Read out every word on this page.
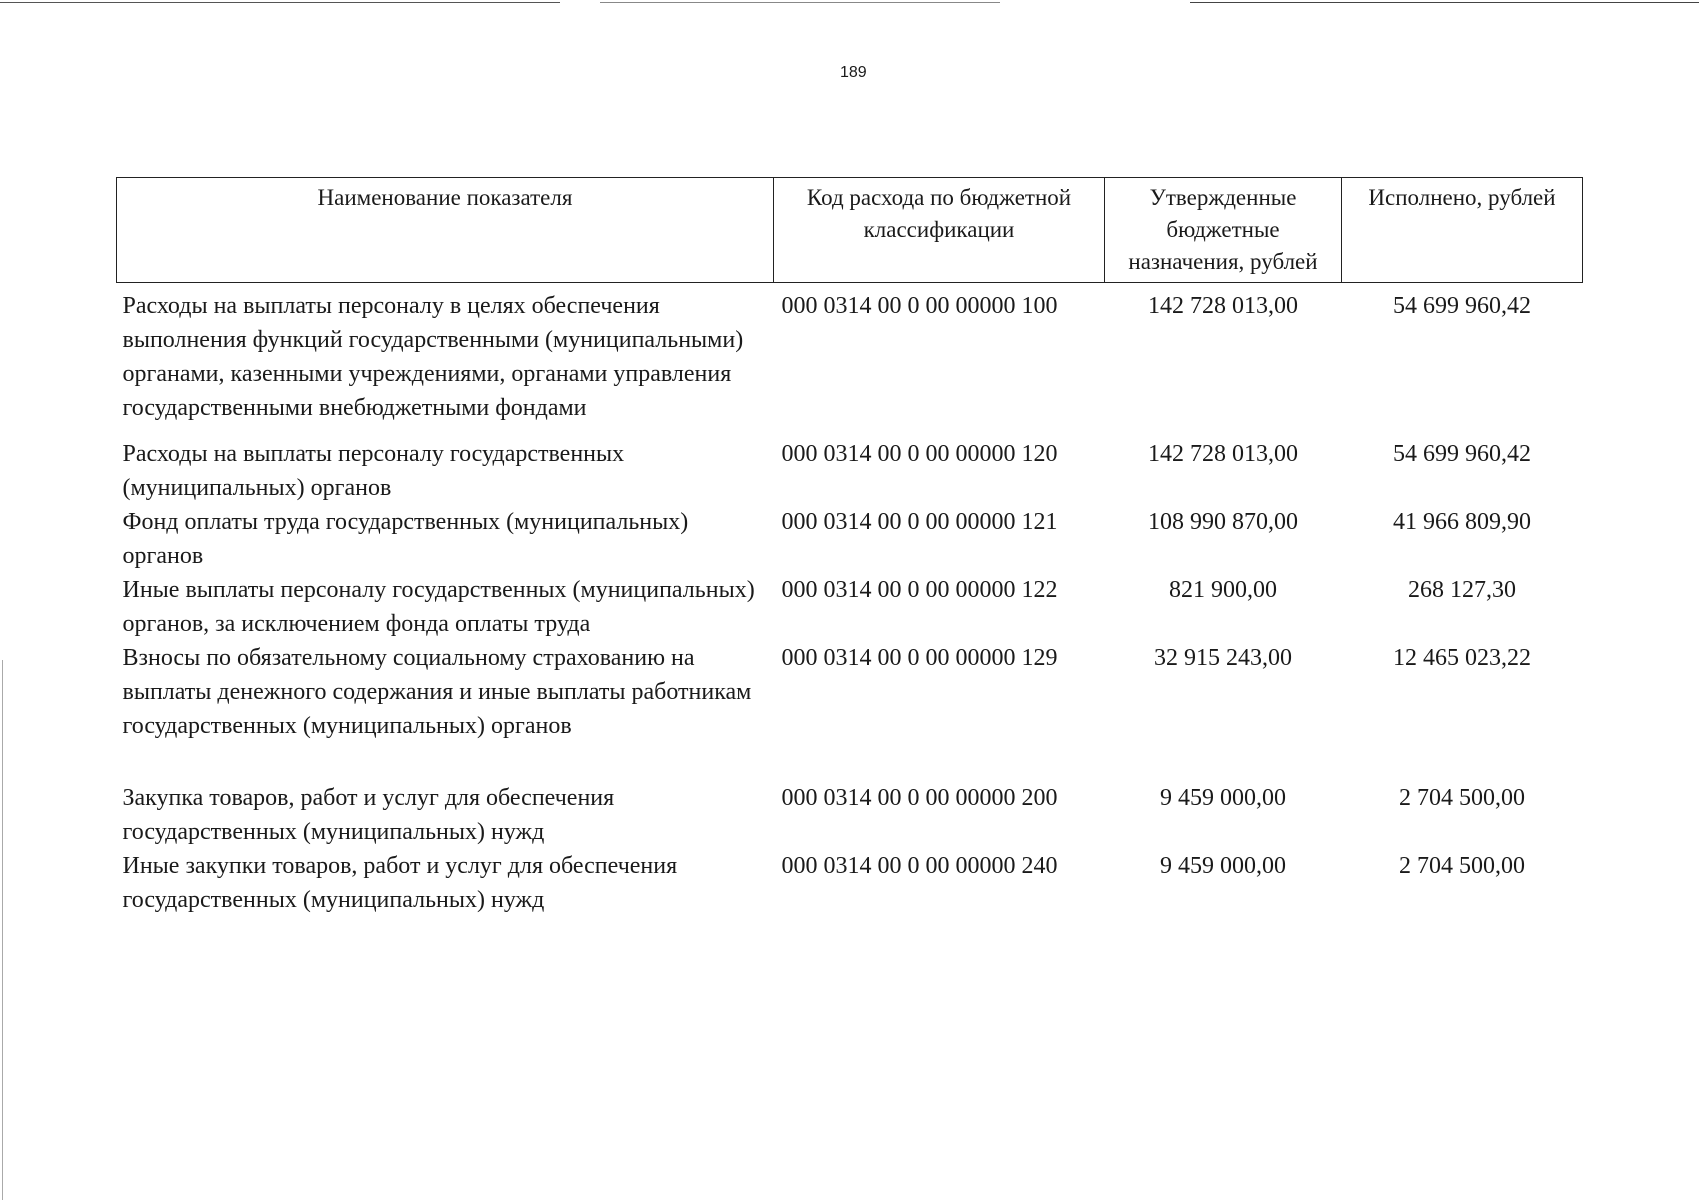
189
Наименование показателя	Код расхода по бюджетной классификации	Утвержденные бюджетные назначения, рублей	Исполнено, рублей
Расходы на выплаты персоналу в целях обеспечения выполнения функций государственными (муниципальными) органами, казенными учреждениями, органами управления государственными внебюджетными фондами	000 0314 00 0 00 00000 100	142 728 013,00	54 699 960,42
Расходы на выплаты персоналу государственных (муниципальных) органов	000 0314 00 0 00 00000 120	142 728 013,00	54 699 960,42
Фонд оплаты труда государственных (муниципальных) органов	000 0314 00 0 00 00000 121	108 990 870,00	41 966 809,90
Иные выплаты персоналу государственных (муниципальных) органов, за исключением фонда оплаты труда	000 0314 00 0 00 00000 122	821 900,00	268 127,30
Взносы по обязательному социальному страхованию на выплаты денежного содержания и иные выплаты работникам государственных (муниципальных) органов	000 0314 00 0 00 00000 129	32 915 243,00	12 465 023,22
Закупка товаров, работ и услуг для обеспечения государственных (муниципальных) нужд	000 0314 00 0 00 00000 200	9 459 000,00	2 704 500,00
Иные закупки товаров, работ и услуг для обеспечения государственных (муниципальных) нужд	000 0314 00 0 00 00000 240	9 459 000,00	2 704 500,00
